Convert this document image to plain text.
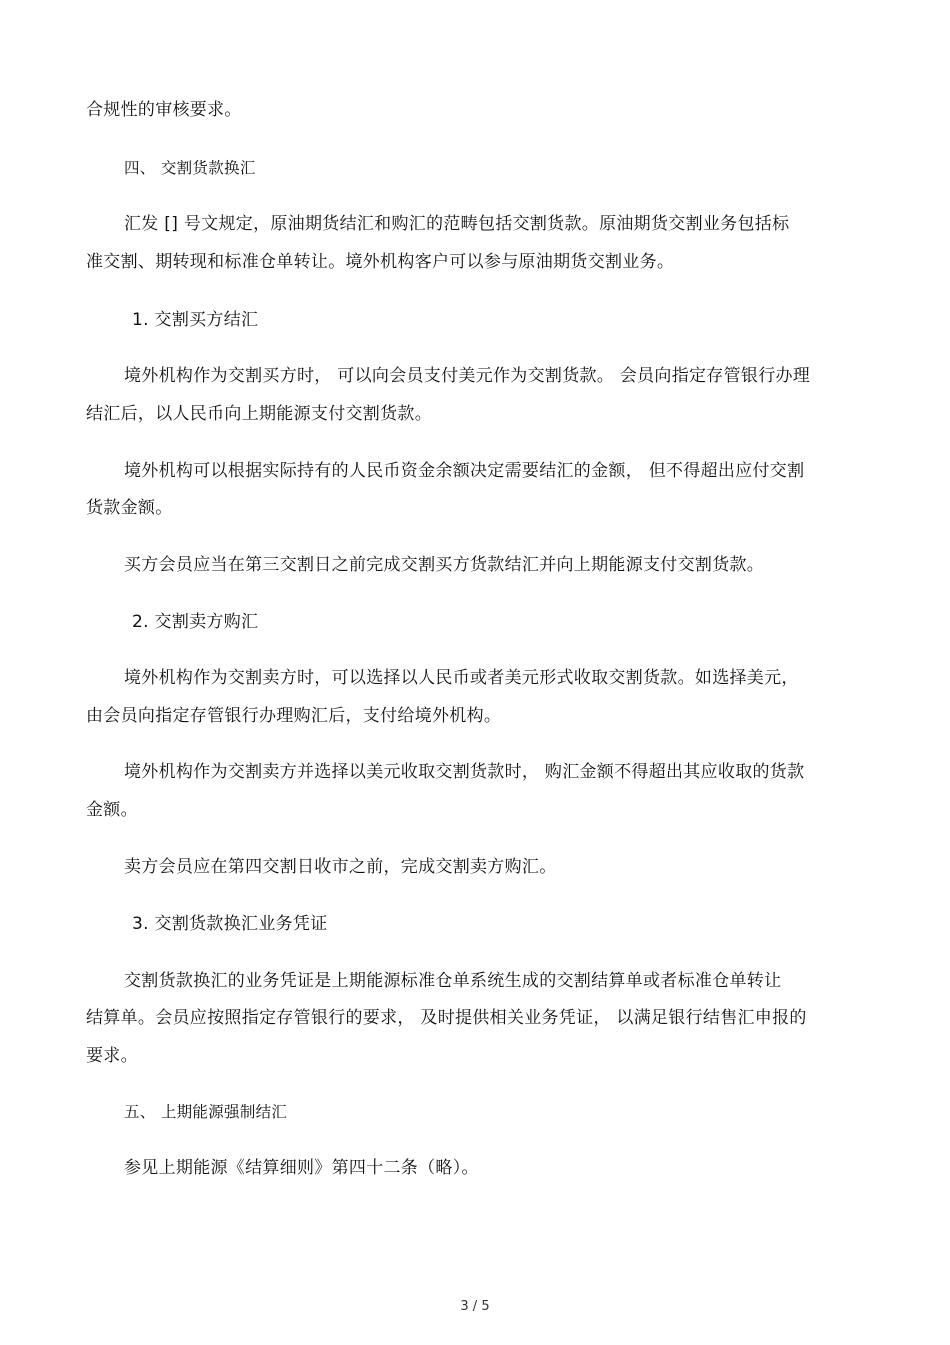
合规性的审核要求。
四、 交割货款换汇
汇发 [] 号文规定，原油期货结汇和购汇的范畴包括交割货款。原油期货交割业务包括标
准交割、期转现和标准仓单转让。境外机构客户可以参与原油期货交割业务。
1. 交割买方结汇
境外机构作为交割买方时， 可以向会员支付美元作为交割货款。 会员向指定存管银行办理
结汇后，以人民币向上期能源支付交割货款。
境外机构可以根据实际持有的人民币资金余额决定需要结汇的金额， 但不得超出应付交割
货款金额。
买方会员应当在第三交割日之前完成交割买方货款结汇并向上期能源支付交割货款。
2. 交割卖方购汇
境外机构作为交割卖方时，可以选择以人民币或者美元形式收取交割货款。如选择美元，
由会员向指定存管银行办理购汇后，支付给境外机构。
境外机构作为交割卖方并选择以美元收取交割货款时， 购汇金额不得超出其应收取的货款
金额。
卖方会员应在第四交割日收市之前，完成交割卖方购汇。
3. 交割货款换汇业务凭证
交割货款换汇的业务凭证是上期能源标准仓单系统生成的交割结算单或者标准仓单转让
结算单。会员应按照指定存管银行的要求， 及时提供相关业务凭证， 以满足银行结售汇申报的
要求。
五、 上期能源强制结汇
参见上期能源《结算细则》第四十二条（略）。
3 / 5
